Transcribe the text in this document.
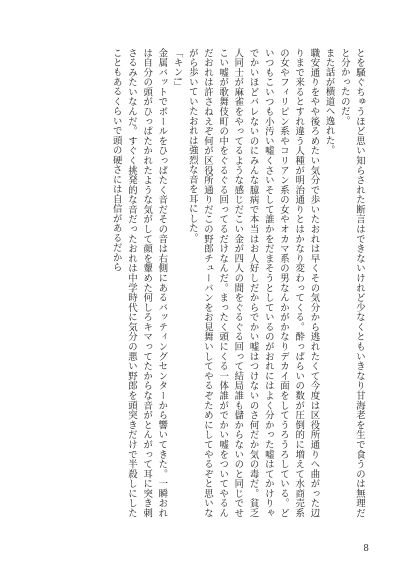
とを騒ぐちゅうほど思い知らされた断言はできないけれど少なくともいきなり甘海老を生で食うのは無理だと分かったのだ。

また話が横道へ逸れた。

職安通りをやや後ろめたい気分で歩いたおれは早くその気分から逃れたくて今度は区役所通りへ曲がった辺りまで来るとすれ違う人種が明治通りとはかなり変わってくる。酔っぱらいの数が圧倒的に増えて水商売系の女やフィリピン系やコリアン系の女やオカマ系の男なんかがかなりデカイ面をしてうろうろしている。どいつもこいつも小汚い嘘くさいそして誰かをだまそうとしているのがおれにはよく分かった嘘はてかけりゃでかいほどバレないのにみんな臆病で本当はお人好しだからでかい嘘はつけないのさ何だか気の毒だ。貧乏人同士が麻雀をやってるような感じだこい金が四人の間をぐるぐる回って結局誰も儲からないのと同じでせこい嘘が歌舞伎町の中をぐるぐる回ってるだけなんだ。まったく頭にくる一体誰がでかい嘘をついてやるんだおれは許さねえぞ何が区役所通りだこの野郎チューバンをお見舞いしてやるぞためにしてやるぞと思いながら歩いていたおれは強烈な音を耳にした。

「キン!」

金属バットでボールをひっぱたく音だその音は右側にあるバッティングセンターから響いてきた。一瞬おれは自分の頭がひっぱたかれたような気がして顔を顰めた何しろキマってたからな音がとんがって耳に突き刺さるみたいなんだ。すぐく挑発的な音だったおれは中学時代に気分の悪い野郎を頭突きだけで半殺しにしたこともあるくらいで頭の硬さには自信があるだから

8
